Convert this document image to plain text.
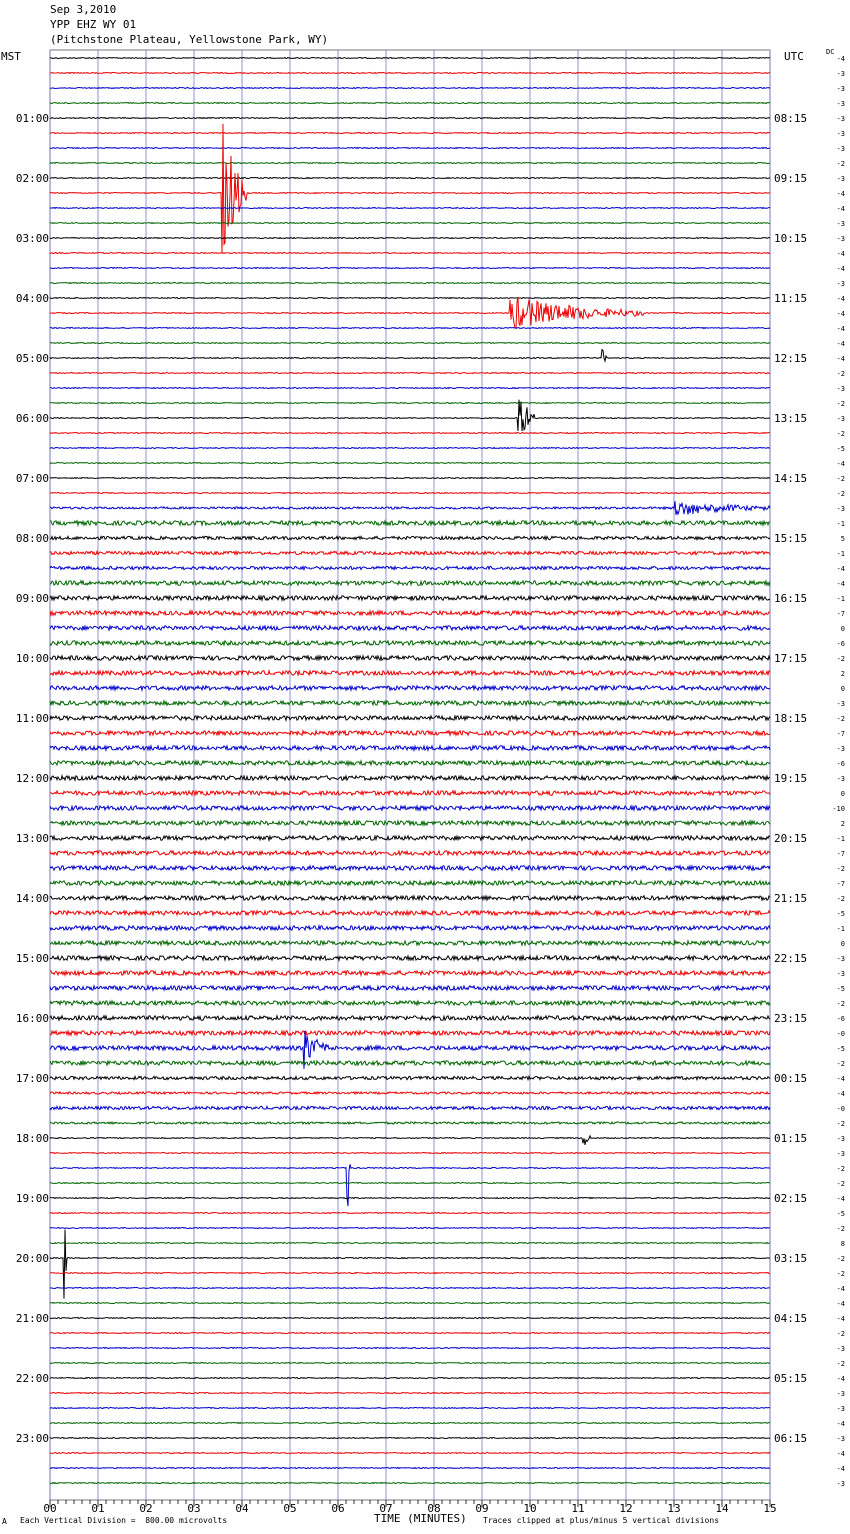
Sep 3,2010
YPP EHZ WY 01
(Pitchstone Plateau, Yellowstone Park, WY)
MST	UTC	DC
-4
-3
-3
-3
-3
-3
-3
-2
-3
-4
-4
-3
-3
-4
-4
-3
-4
-4
-4
-4
-4
-2
-3
-2
-3
-2
-5
-4
-2
-2
-3
-1
5
-1
-4
-4
-1
-7
0
-6
-2
2
0
-3
-2
-7
-3
-6
-3
0
-10
2
-1
-7
-2
-7
-2
-5
-1
0
-3
-3
-5
-2
-6
-0
-5
-2
-4
-4
-0
-2
-3
-3
-2
-2
-4
-5
-2
8
-2
-2
-4
-4
-4
-2
-3
-2
-4
-3
-3
-4
-3
-4
-4
-3
01:00
02:00
03:00
04:00
05:00
06:00
07:00
08:00
09:00
10:00
11:00
12:00
13:00
14:00
15:00
16:00
17:00
18:00
19:00
20:00
21:00
22:00
23:00
08:15
09:15
10:15
11:15
12:15
13:15
14:15
15:15
16:15
17:15
18:15
19:15
20:15
21:15
22:15
23:15
00:15
01:15
02:15
03:15
04:15
05:15
06:15
00	01	02	03	04	05	06	07	08	09	10	11	12	13	14	15
A Each Vertical Division =  800.00 microvolts	TIME (MINUTES) Traces clipped at plus/minus 5 vertical divisions
